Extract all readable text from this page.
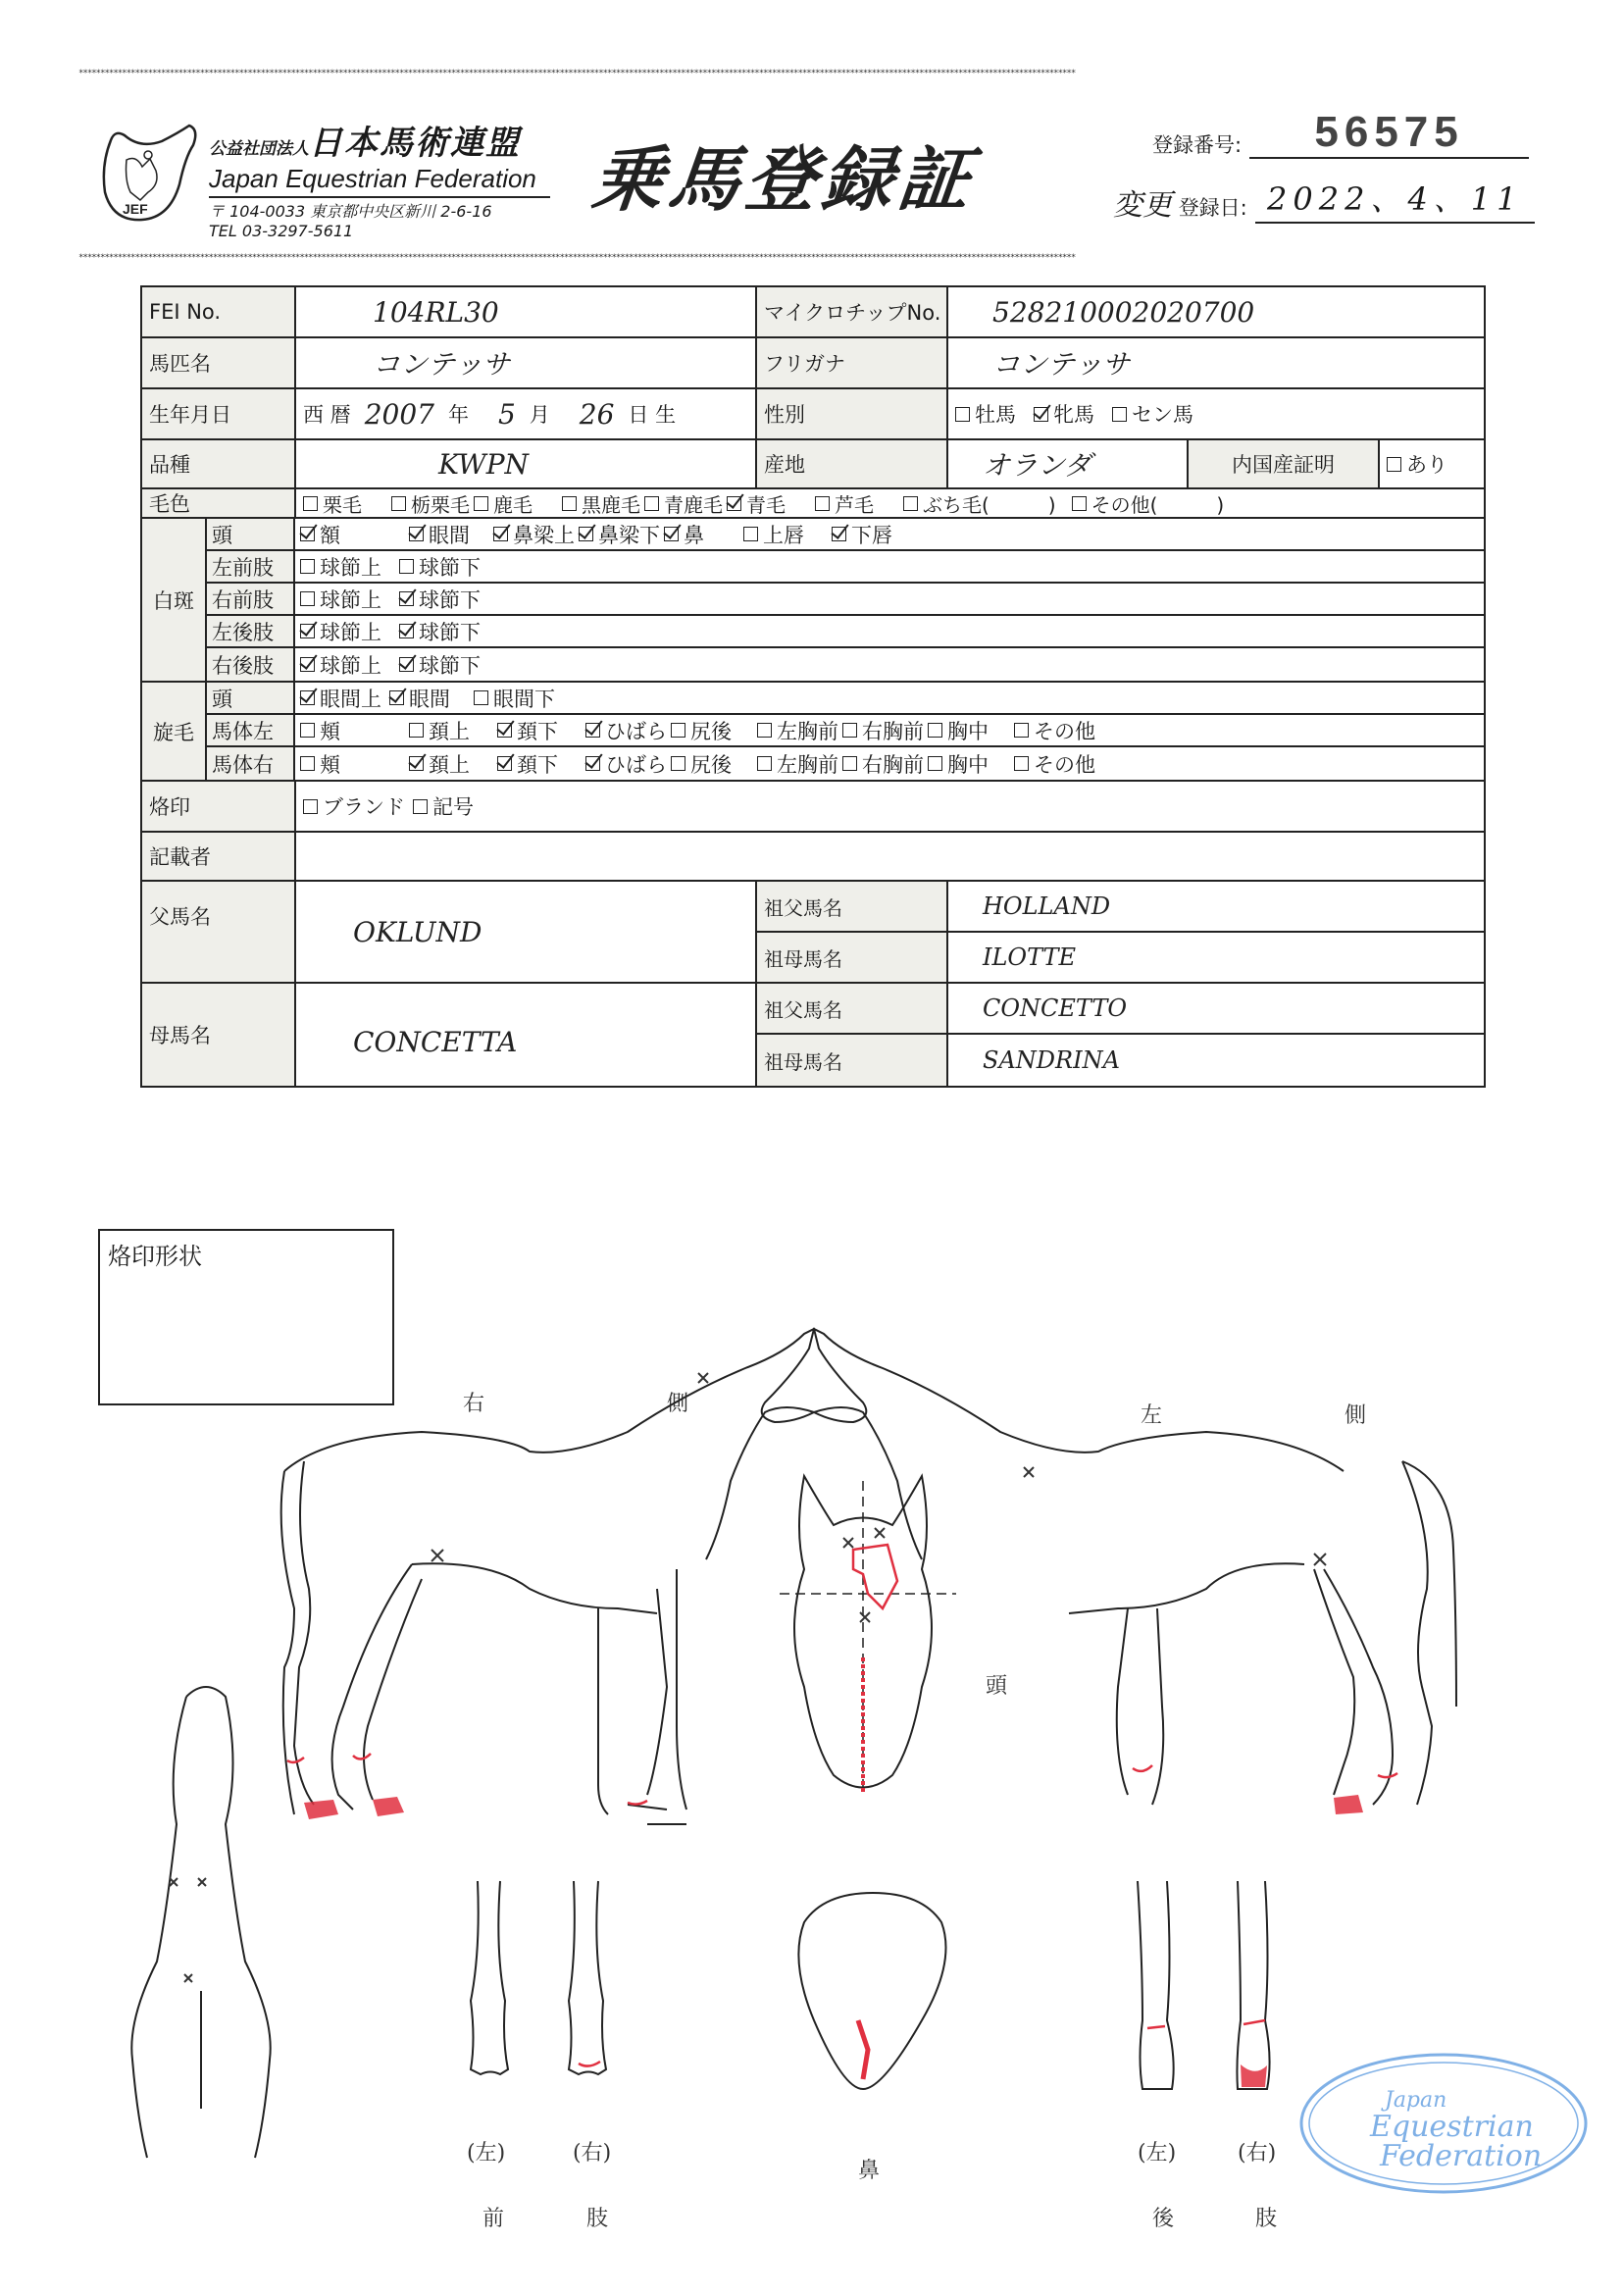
**************************************************************************************************************************************************************************************************************************************
**************************************************************************************************************************************************************************************************************************************
JEF
公益社団法人日本馬術連盟
Japan Equestrian Federation
〒 104-0033 東京都中央区新川 2-6-16
TEL 03-3297-5611
乗馬登録証	登録番号:	56575
変更 登録日: 2022、4、11
FEI No.	104RL30	マイクロチップNo.	528210002020700
馬匹名	コンテッサ	フリガナ	コンテッサ
生年月日	西 暦 2007 年 5 月 26 日 生	性別	牡馬 牝馬 セン馬
品種	KWPN	産地	オランダ	内国産証明	あり
毛色	栗毛	栃栗毛 鹿毛	黒鹿毛 青鹿毛 青毛	芦毛	ぶち毛(　　　) その他(　　　)
白斑
頭	額	眼間 鼻梁上 鼻梁下 鼻	上唇 下唇
左前肢	球節上 球節下
右前肢	球節上 球節下
左後肢	球節上 球節下
右後肢	球節上 球節下
旋毛
頭	眼間上 眼間 眼間下
馬体左	頬	頚上 頚下 ひばら 尻後 左胸前 右胸前 胸中 その他
馬体右	頬	頚上 頚下 ひばら 尻後 左胸前 右胸前 胸中 その他
烙印	ブランド 記号
記載者
父馬名	OKLUND
祖父馬名	HOLLAND
祖母馬名	ILOTTE
母馬名	CONCETTA
祖父馬名	CONCETTO
祖母馬名	SANDRINA
烙印形状
右　　　側	左　　　側
頭
鼻
(左)	(右)
前	肢
(左)	(右)
後	肢
Japan
Equestrian
Federation
